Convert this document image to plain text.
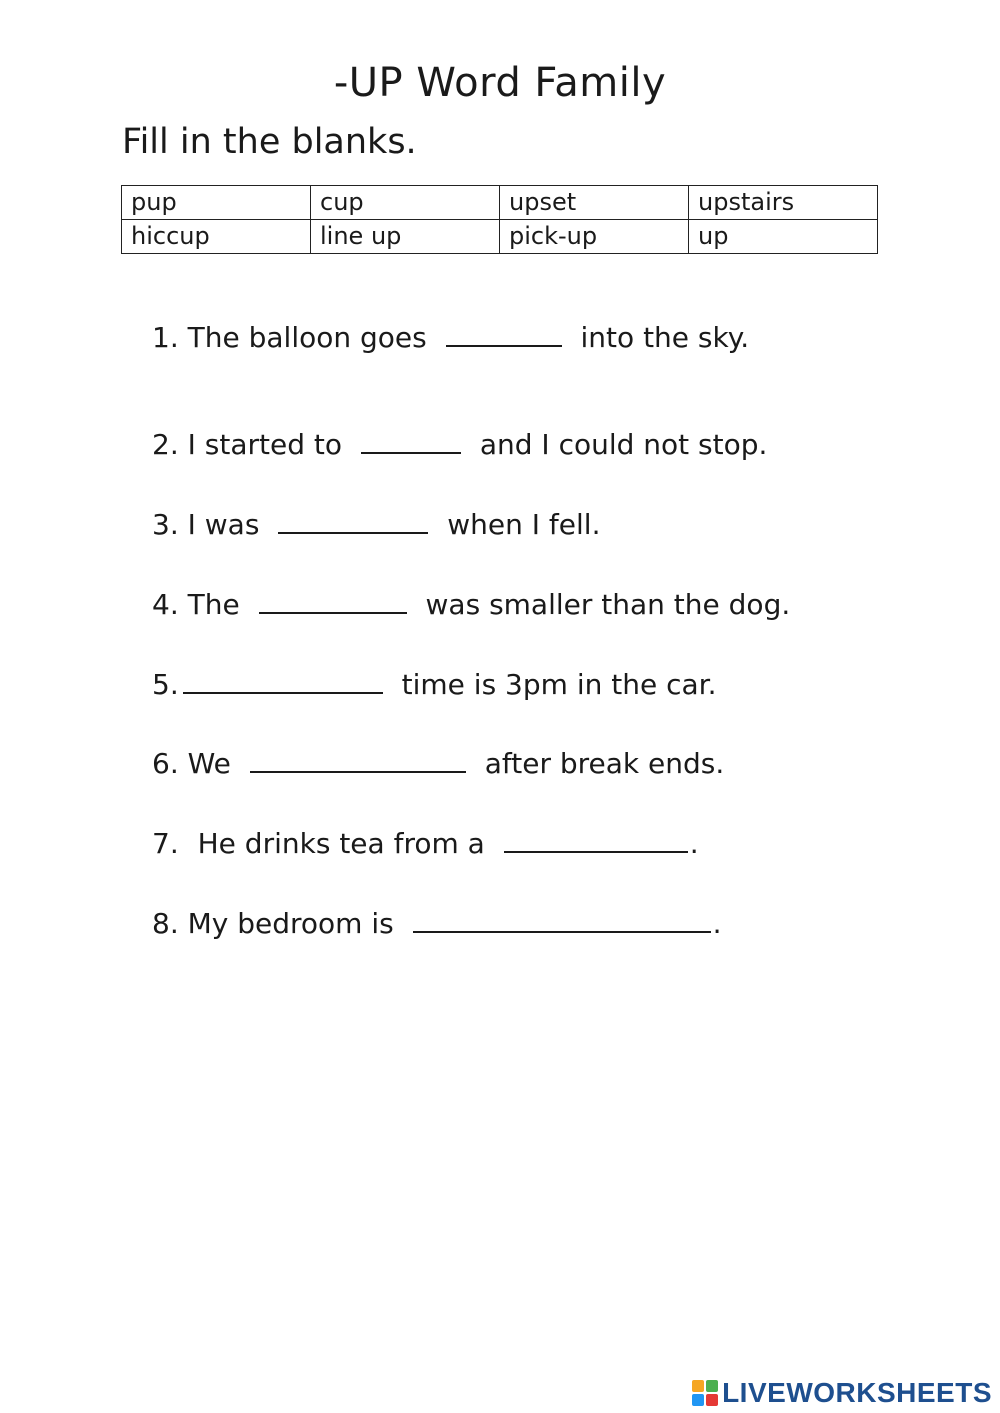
-UP Word Family
Fill in the blanks.
pup	cup	upset	upstairs
hiccup	line up	pick-up	up
1. The balloon goes	into the sky.
2. I started to	and I could not stop.
3. I was	when I fell.
4. The	was smaller than the dog.
5.	time is 3pm in the car.
6. We	after break ends.
7. He drinks tea from a	.
8. My bedroom is	.
LIVEWORKSHEETS
